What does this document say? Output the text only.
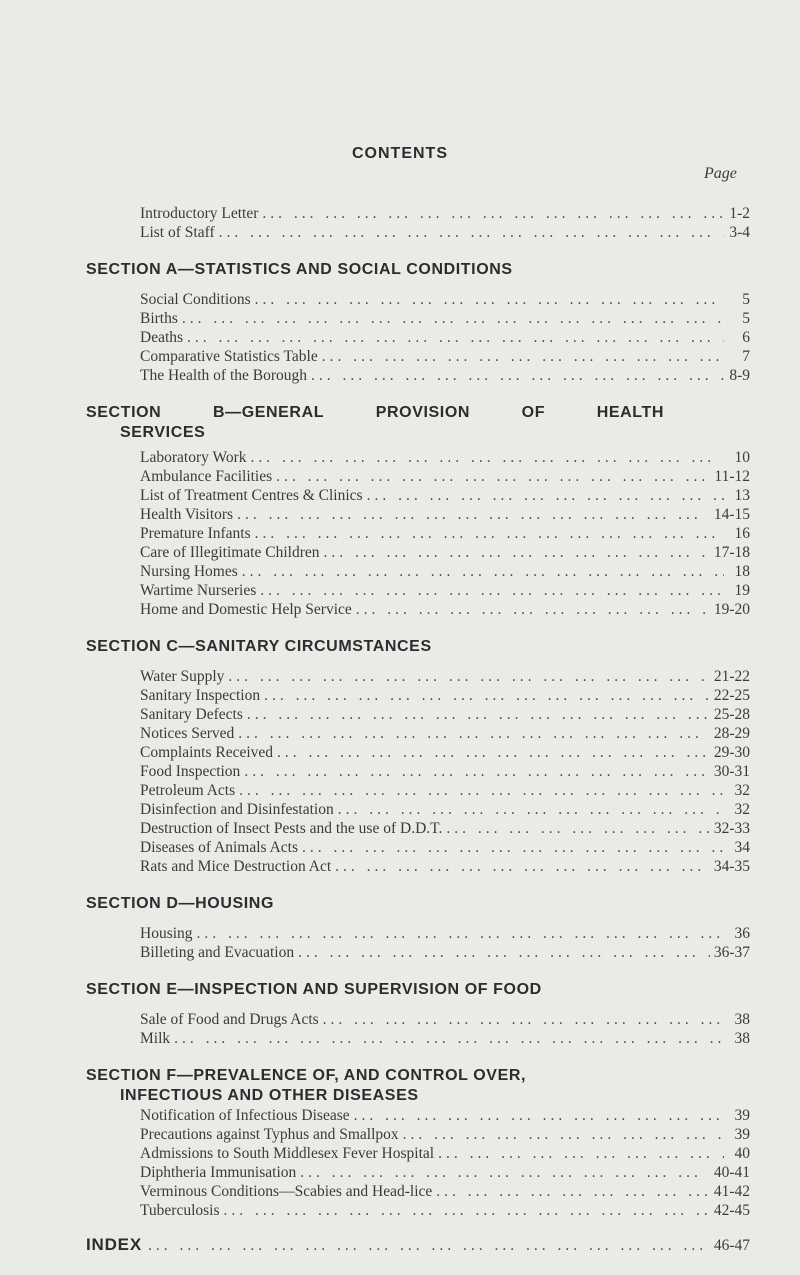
CONTENTS
Page
Introductory Letter ... .	1-2
List of Staff ... .	3-4
SECTION A—STATISTICS AND SOCIAL CONDITIONS
Social Conditions ... .	5
Births ... .	5
Deaths ... .	6
Comparative Statistics Table ... .	7
The Health of the Borough ... .	8-9
SECTION	B—GENERAL	PROVISION	OF	HEALTH
SERVICES
Laboratory Work ... .	10
Ambulance Facilities ... .	11-12
List of Treatment Centres & Clinics ... .	13
Health Visitors ... .	14-15
Premature Infants ... .	16
Care of Illegitimate Children ... .	17-18
Nursing Homes ... .	18
Wartime Nurseries ... .	19
Home and Domestic Help Service ... .	19-20
SECTION C—SANITARY CIRCUMSTANCES
Water Supply ... .	21-22
Sanitary Inspection ... .	22-25
Sanitary Defects ... .	25-28
Notices Served ... .	28-29
Complaints Received ... .	29-30
Food Inspection ... .	30-31
Petroleum Acts ... .	32
Disinfection and Disinfestation ... .	32
Destruction of Insect Pests and the use of D.D.T. ... .	32-33
Diseases of Animals Acts ... .	34
Rats and Mice Destruction Act ... .	34-35
SECTION D—HOUSING
Housing ... .	36
Billeting and Evacuation ... .	36-37
SECTION E—INSPECTION AND SUPERVISION OF FOOD
Sale of Food and Drugs Acts ... .	38
Milk ... .	38
SECTION F—PREVALENCE OF, AND CONTROL OVER,
INFECTIOUS AND OTHER DISEASES
Notification of Infectious Disease ... .	39
Precautions against Typhus and Smallpox ... .	39
Admissions to South Middlesex Fever Hospital ... .	40
Diphtheria Immunisation ... .	40-41
Verminous Conditions—Scabies and Head-lice ... .	41-42
Tuberculosis ... .	42-45
INDEX ... .	46-47
